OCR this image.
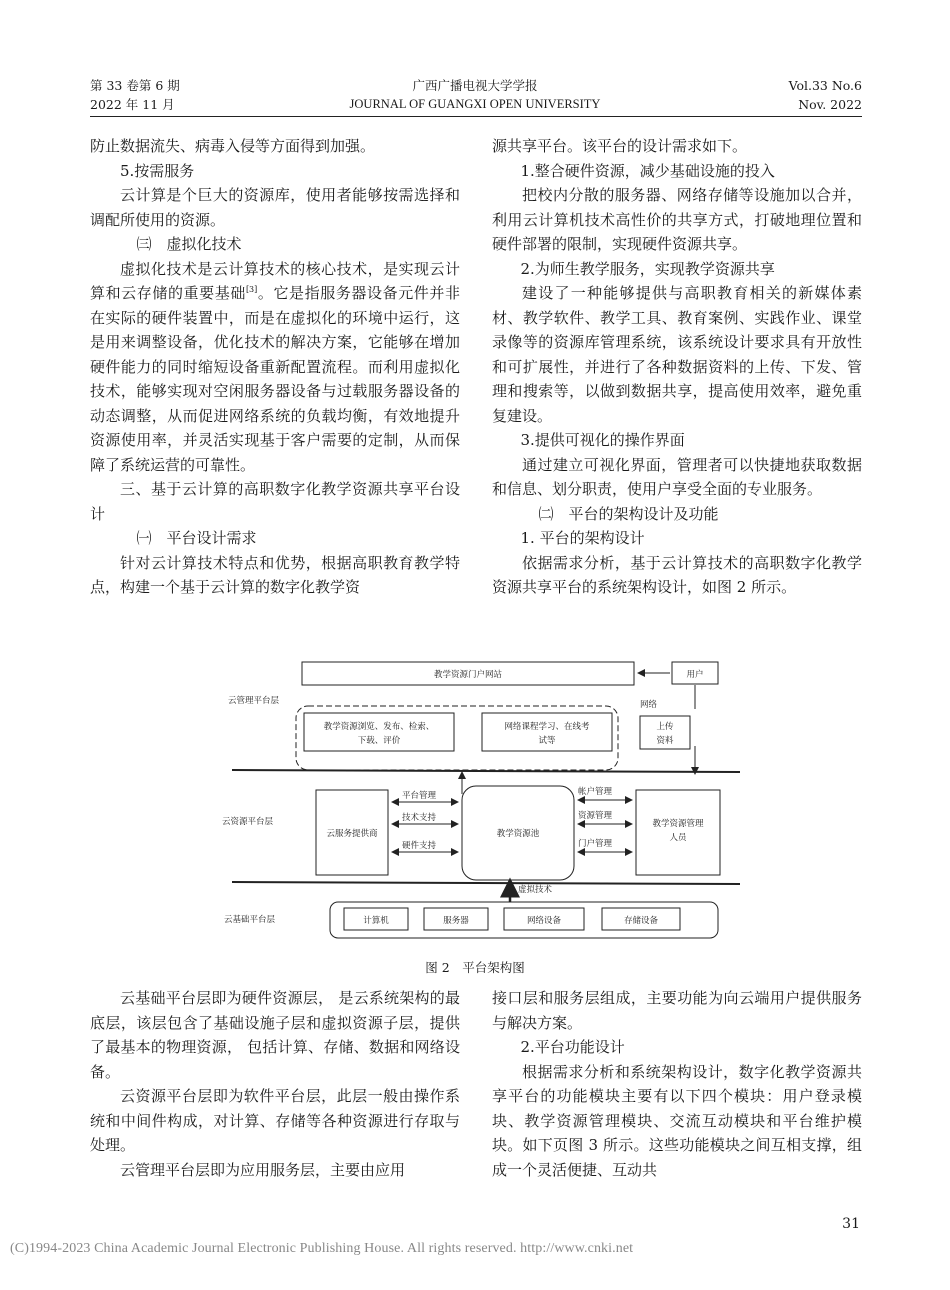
第 33 卷第 6 期
2022 年 11 月
广西广播电视大学学报
JOURNAL OF GUANGXI OPEN UNIVERSITY
Vol.33 No.6
Nov. 2022

防止数据流失、病毒入侵等方面得到加强。

5.按需服务

云计算是个巨大的资源库，使用者能够按需选择和调配所使用的资源。

㈢　虚拟化技术

虚拟化技术是云计算技术的核心技术，是实现云计算和云存储的重要基础[3]。它是指服务器设备元件并非在实际的硬件装置中，而是在虚拟化的环境中运行，这是用来调整设备，优化技术的解决方案，它能够在增加硬件能力的同时缩短设备重新配置流程。而利用虚拟化技术，能够实现对空闲服务器设备与过载服务器设备的动态调整，从而促进网络系统的负载均衡，有效地提升资源使用率，并灵活实现基于客户需要的定制，从而保障了系统运营的可靠性。

三、基于云计算的高职数字化教学资源共享平台设计

㈠　平台设计需求

针对云计算技术特点和优势，根据高职教育教学特点，构建一个基于云计算的数字化教学资

源共享平台。该平台的设计需求如下。

1.整合硬件资源，减少基础设施的投入

把校内分散的服务器、网络存储等设施加以合并，利用云计算机技术高性价的共享方式，打破地理位置和硬件部署的限制，实现硬件资源共享。

2.为师生教学服务，实现教学资源共享

建设了一种能够提供与高职教育相关的新媒体素材、教学软件、教学工具、教育案例、实践作业、课堂录像等的资源库管理系统，该系统设计要求具有开放性和可扩展性，并进行了各种数据资料的上传、下发、管理和搜索等，以做到数据共享，提高使用效率，避免重复建设。

3.提供可视化的操作界面

通过建立可视化界面，管理者可以快捷地获取数据和信息、划分职责，使用户享受全面的专业服务。

㈡　平台的架构设计及功能

1. 平台的架构设计

依据需求分析，基于云计算技术的高职数字化教学资源共享平台的系统架构设计，如图 2 所示。

教学资源门户网站	用户
网络
上传
资料
云管理平台层
云资源平台层
云基础平台层
教学资源浏览、发布、检索、
下载、评价
网络课程学习、在线考
试等
云服务提供商	教学资源池
教学资源管理
人员
平台管理
技术支持
硬件支持
帐户管理
资源管理
门户管理
虚拟技术
计算机	服务器	网络设备	存储设备
图 2　平台架构图

云基础平台层即为硬件资源层， 是云系统架构的最底层，该层包含了基础设施子层和虚拟资源子层，提供了最基本的物理资源， 包括计算、存储、数据和网络设备。

云资源平台层即为软件平台层，此层一般由操作系统和中间件构成，对计算、存储等各种资源进行存取与处理。

云管理平台层即为应用服务层，主要由应用

接口层和服务层组成，主要功能为向云端用户提供服务与解决方案。

2.平台功能设计

根据需求分析和系统架构设计，数字化教学资源共享平台的功能模块主要有以下四个模块：用户登录模块、教学资源管理模块、交流互动模块和平台维护模块。如下页图 3 所示。这些功能模块之间互相支撑，组成一个灵活便捷、互动共

31
(C)1994-2023 China Academic Journal Electronic Publishing House. All rights reserved. http://www.cnki.net
